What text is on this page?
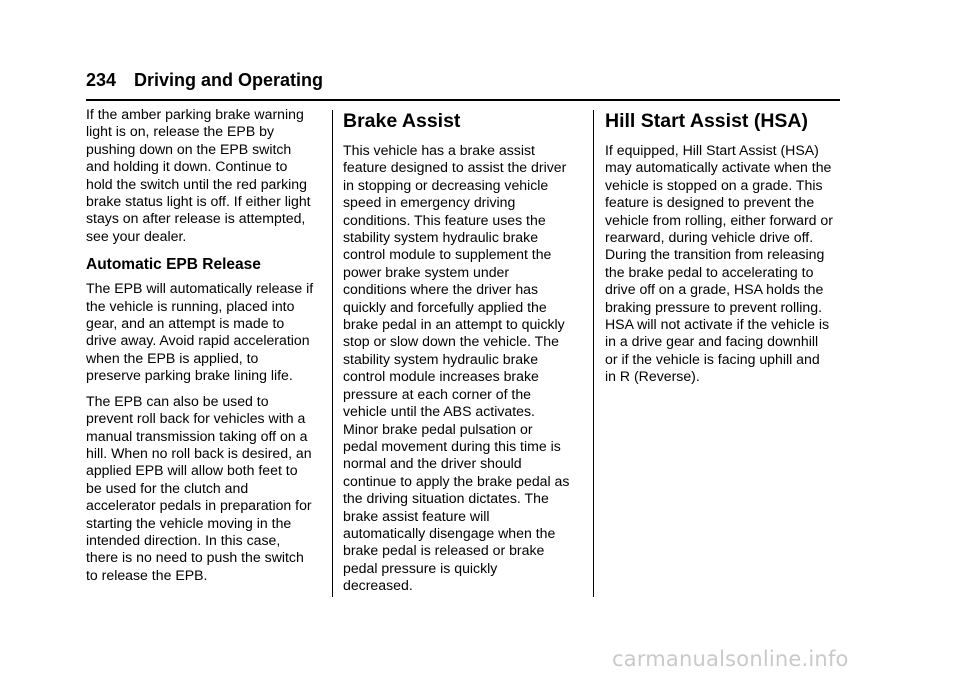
234 Driving and Operating

If the amber parking brake warning
light is on, release the EPB by
pushing down on the EPB switch
and holding it down. Continue to
hold the switch until the red parking
brake status light is off. If either light
stays on after release is attempted,
see your dealer.

Automatic EPB Release

The EPB will automatically release if
the vehicle is running, placed into
gear, and an attempt is made to
drive away. Avoid rapid acceleration
when the EPB is applied, to
preserve parking brake lining life.

The EPB can also be used to
prevent roll back for vehicles with a
manual transmission taking off on a
hill. When no roll back is desired, an
applied EPB will allow both feet to
be used for the clutch and
accelerator pedals in preparation for
starting the vehicle moving in the
intended direction. In this case,
there is no need to push the switch
to release the EPB.

Brake Assist

This vehicle has a brake assist
feature designed to assist the driver
in stopping or decreasing vehicle
speed in emergency driving
conditions. This feature uses the
stability system hydraulic brake
control module to supplement the
power brake system under
conditions where the driver has
quickly and forcefully applied the
brake pedal in an attempt to quickly
stop or slow down the vehicle. The
stability system hydraulic brake
control module increases brake
pressure at each corner of the
vehicle until the ABS activates.
Minor brake pedal pulsation or
pedal movement during this time is
normal and the driver should
continue to apply the brake pedal as
the driving situation dictates. The
brake assist feature will
automatically disengage when the
brake pedal is released or brake
pedal pressure is quickly
decreased.

Hill Start Assist (HSA)

If equipped, Hill Start Assist (HSA)
may automatically activate when the
vehicle is stopped on a grade. This
feature is designed to prevent the
vehicle from rolling, either forward or
rearward, during vehicle drive off.
During the transition from releasing
the brake pedal to accelerating to
drive off on a grade, HSA holds the
braking pressure to prevent rolling.
HSA will not activate if the vehicle is
in a drive gear and facing downhill
or if the vehicle is facing uphill and
in R (Reverse).

carmanualsonline.info
